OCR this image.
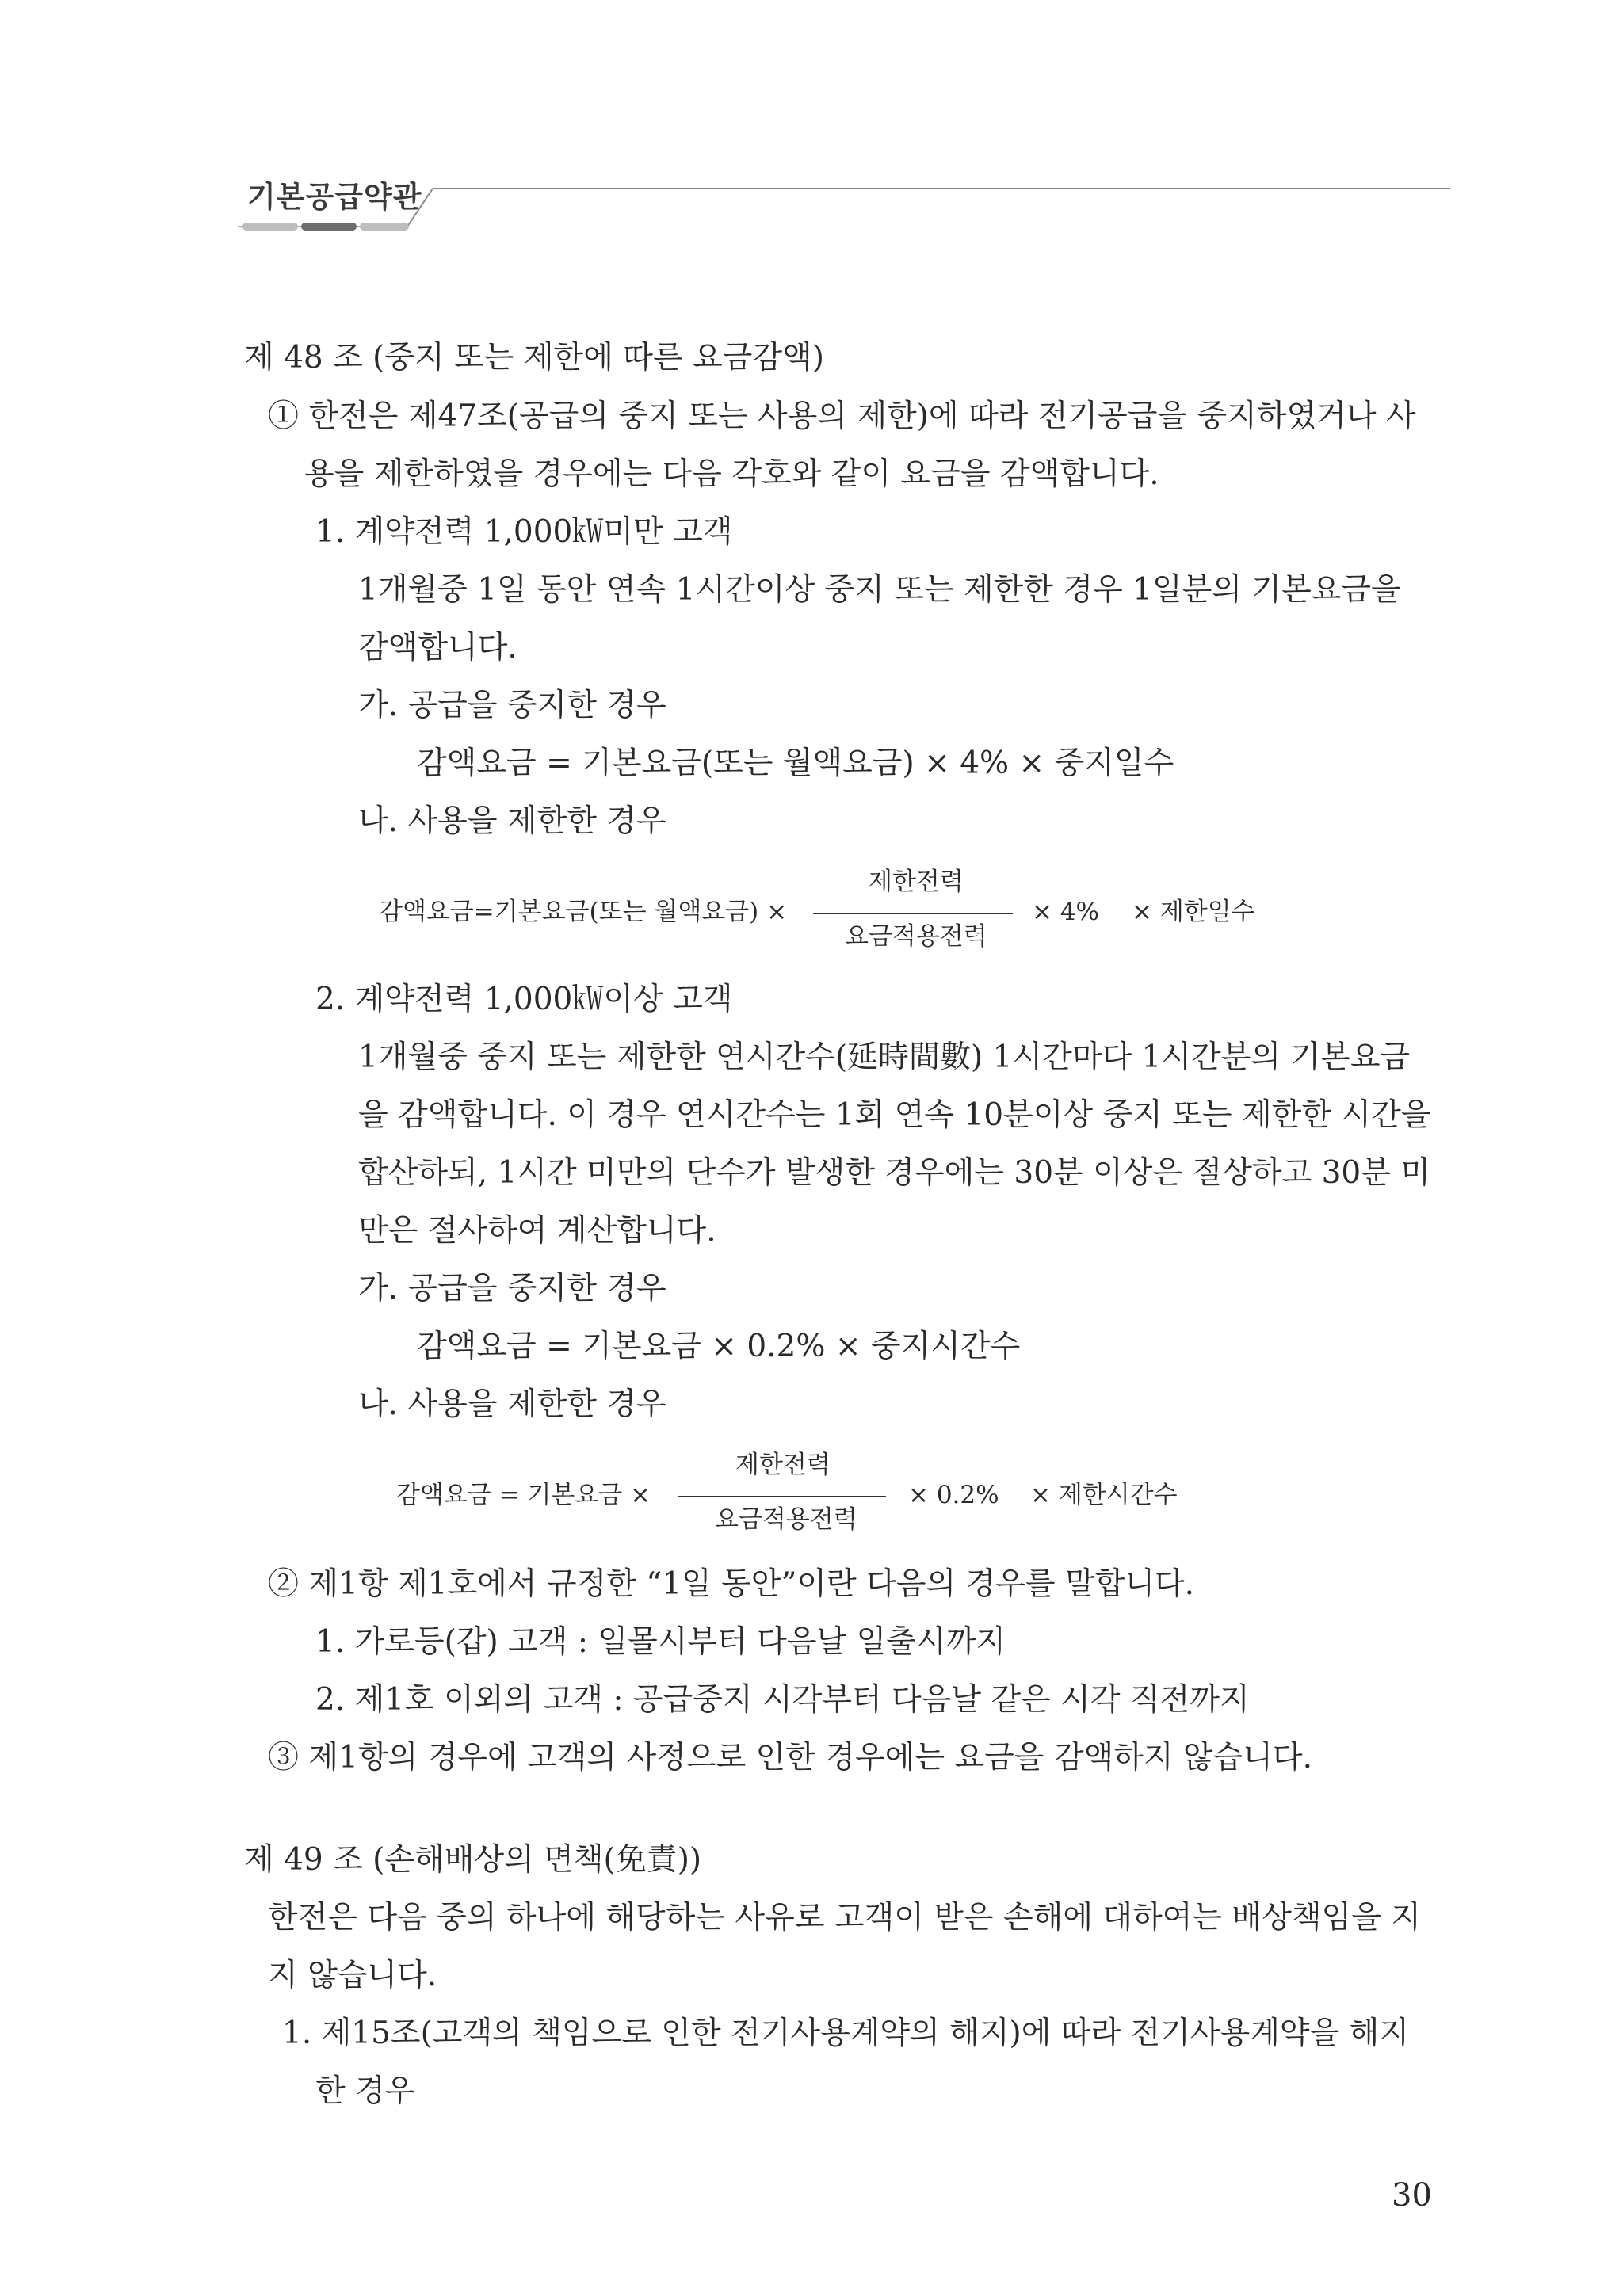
기본공급약관
제 48 조 (중지 또는 제한에 따른 요금감액)
① 한전은 제47조(공급의 중지 또는 사용의 제한)에 따라 전기공급을 중지하였거나 사
용을 제한하였을 경우에는 다음 각호와 같이 요금을 감액합니다.
1. 계약전력 1,000㎾미만 고객
1개월중 1일 동안 연속 1시간이상 중지 또는 제한한 경우 1일분의 기본요금을
감액합니다.
가. 공급을 중지한 경우
감액요금 = 기본요금(또는 월액요금) × 4% × 중지일수
나. 사용을 제한한 경우
감액요금=기본요금(또는 월액요금) ×
제한전력
요금적용전력
× 4% × 제한일수
2. 계약전력 1,000㎾이상 고객
1개월중 중지 또는 제한한 연시간수(延時間數) 1시간마다 1시간분의 기본요금
을 감액합니다. 이 경우 연시간수는 1회 연속 10분이상 중지 또는 제한한 시간을
합산하되, 1시간 미만의 단수가 발생한 경우에는 30분 이상은 절상하고 30분 미
만은 절사하여 계산합니다.
가. 공급을 중지한 경우
감액요금 = 기본요금 × 0.2% × 중지시간수
나. 사용을 제한한 경우
감액요금 = 기본요금 ×
제한전력
요금적용전력
× 0.2% × 제한시간수
② 제1항 제1호에서 규정한 “1일 동안”이란 다음의 경우를 말합니다.
1. 가로등(갑) 고객 : 일몰시부터 다음날 일출시까지
2. 제1호 이외의 고객 : 공급중지 시각부터 다음날 같은 시각 직전까지
③ 제1항의 경우에 고객의 사정으로 인한 경우에는 요금을 감액하지 않습니다.
제 49 조 (손해배상의 면책(免責))
한전은 다음 중의 하나에 해당하는 사유로 고객이 받은 손해에 대하여는 배상책임을 지
지 않습니다.
1. 제15조(고객의 책임으로 인한 전기사용계약의 해지)에 따라 전기사용계약을 해지
한 경우
30
